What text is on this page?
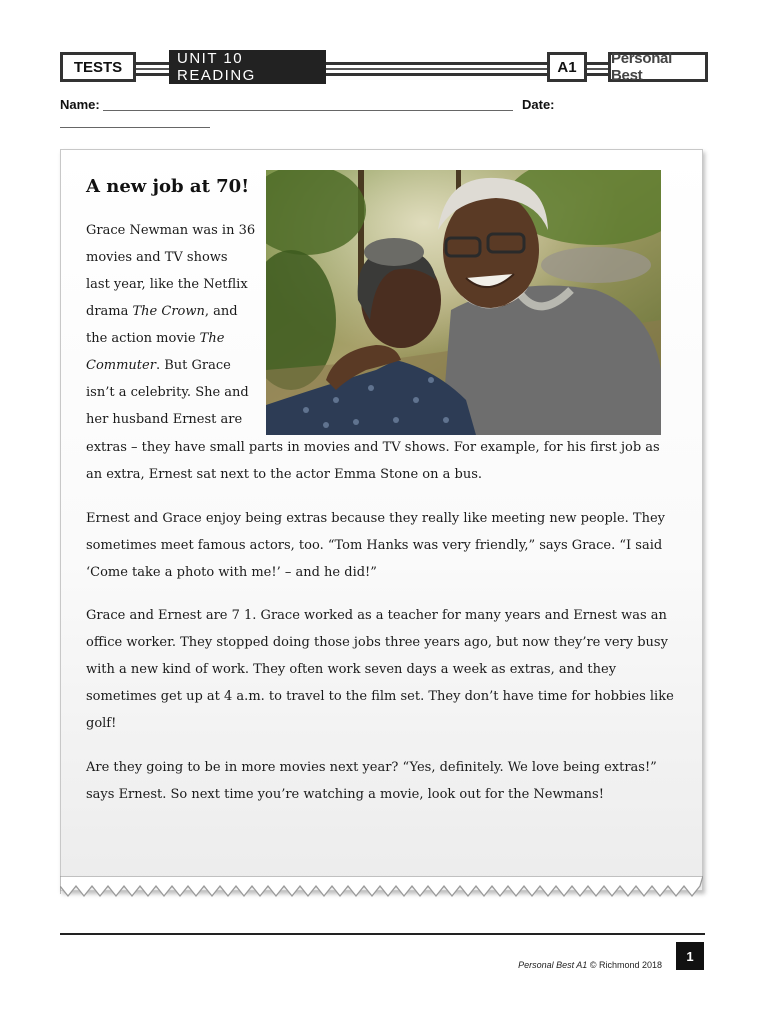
TESTS	UNIT 10 READING	A1	Personal Best
Name:	Date:
A new job at 70!

Grace Newman was in 36
movies and TV shows
last year, like the Netflix
drama The Crown, and
the action movie The
Commuter. But Grace
isn’t a celebrity. She and
her husband Ernest are

extras – they have small parts in movies and TV shows. For example, for his first job as
an extra, Ernest sat next to the actor Emma Stone on a bus.

Ernest and Grace enjoy being extras because they really like meeting new people. They
sometimes meet famous actors, too. “Tom Hanks was very friendly,” says Grace. “I said
‘Come take a photo with me!’ – and he did!”

Grace and Ernest are 7 1. Grace worked as a teacher for many years and Ernest was an
office worker. They stopped doing those jobs three years ago, but now they’re very busy
with a new kind of work. They often work seven days a week as extras, and they
sometimes get up at 4 a.m. to travel to the film set. They don’t have time for hobbies like
golf!

Are they going to be in more movies next year? “Yes, definitely. We love being extras!”
says Ernest. So next time you’re watching a movie, look out for the Newmans!

Personal Best A1 © Richmond 2018
1
